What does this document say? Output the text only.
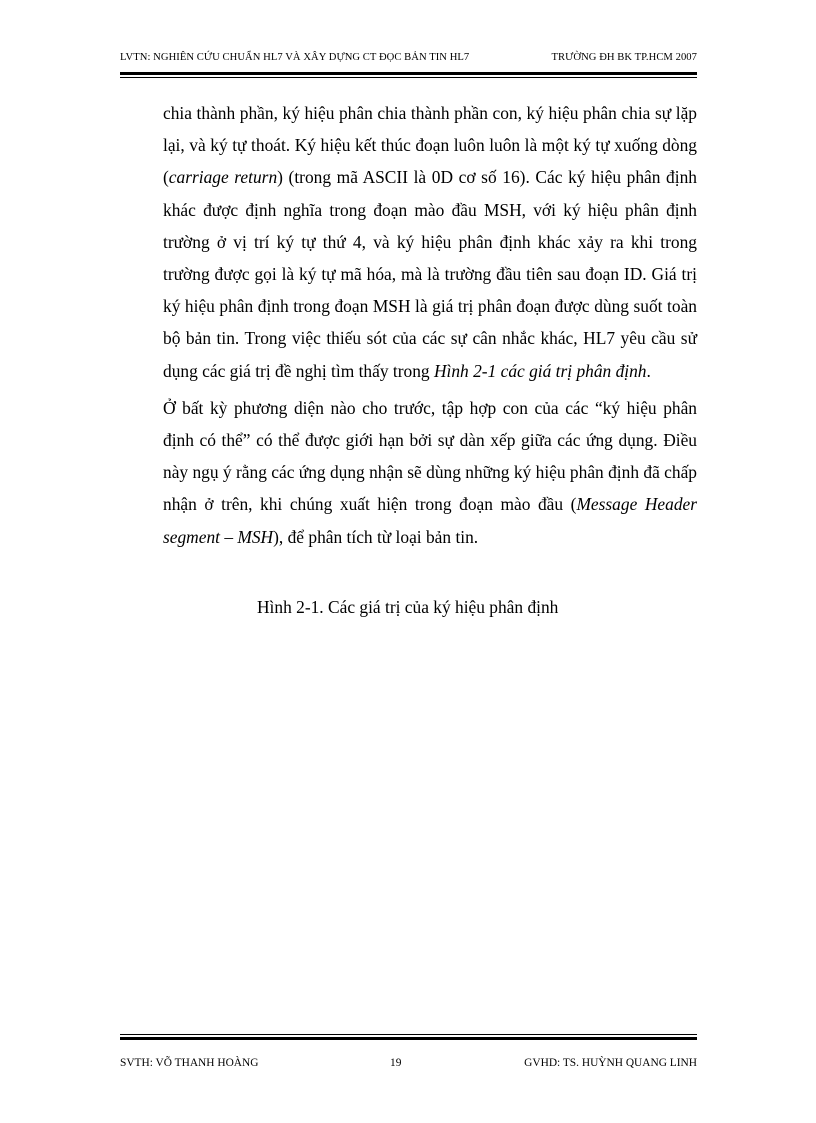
LVTN: NGHIÊN CỨU CHUẨN HL7 VÀ XÂY DỰNG CT ĐỌC BẢN TIN HL7	TRƯỜNG ĐH BK TP.HCM 2007

chia thành phần, ký hiệu phân chia thành phần con, ký hiệu phân chia sự lặp lại, và ký tự thoát. Ký hiệu kết thúc đoạn luôn luôn là một ký tự xuống dòng (carriage return) (trong mã ASCII là 0D cơ số 16). Các ký hiệu phân định khác được định nghĩa trong đoạn mào đầu MSH, với ký hiệu phân định trường ở vị trí ký tự thứ 4, và ký hiệu phân định khác xảy ra khi trong trường được gọi là ký tự mã hóa, mà là trường đầu tiên sau đoạn ID. Giá trị ký hiệu phân định trong đoạn MSH là giá trị phân đoạn được dùng suốt toàn bộ bản tin. Trong việc thiếu sót của các sự cân nhắc khác, HL7 yêu cầu sử dụng các giá trị đề nghị tìm thấy trong Hình 2-1 các giá trị phân định.

Ở bất kỳ phương diện nào cho trước, tập hợp con của các “ký hiệu phân định có thể” có thể được giới hạn bởi sự dàn xếp giữa các ứng dụng. Điều này ngụ ý rằng các ứng dụng nhận sẽ dùng những ký hiệu phân định đã chấp nhận ở trên, khi chúng xuất hiện trong đoạn mào đầu (Message Header segment – MSH), để phân tích từ loại bản tin.

Hình 2-1. Các giá trị của ký hiệu phân định
SVTH: VÕ THANH HOÀNG	19	GVHD: TS. HUỲNH QUANG LINH
